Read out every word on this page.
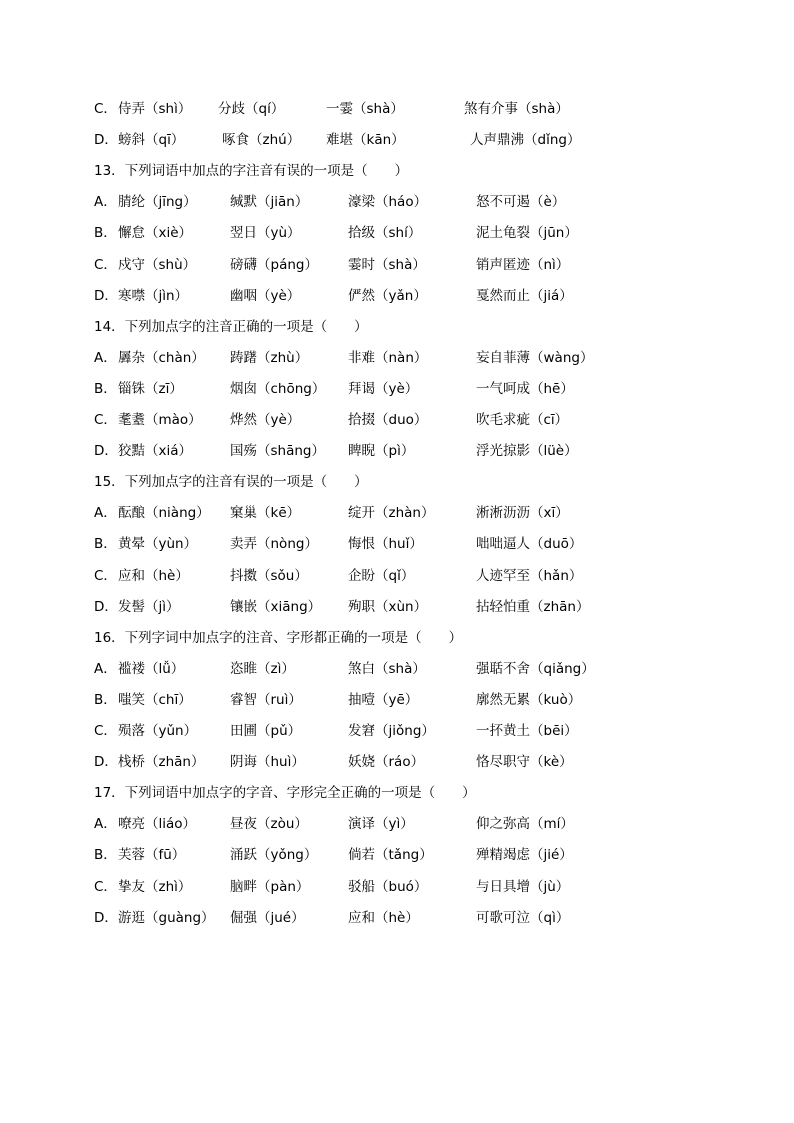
C． 侍弄（shì） 分歧（qí）	一霎（shà）	煞有介事（shà）
D． 螃斜（qī）	啄食（zhú） 难堪（kān）	人声鼎沸（dǐng）
13．下列词语中加点的字注音有误的一项是（　　）
A． 腈纶（jīng） 缄默（jiān）	濠梁（háo）	怒不可遏（è）
B． 懈怠（xiè）	翌日（yù）	拾级（shí）	泥土龟裂（jūn）
C． 戍守（shù）	磅礴（páng） 霎时（shà）	销声匿迹（nì）
D． 寒噤（jìn）	幽咽（yè）	俨然（yǎn）	戛然而止（jiá）
14．下列加点字的注音正确的一项是（　　）
A． 羼杂（chàn） 踌躇（zhù）	非难（nàn）	妄自菲薄（wàng）
B． 锱铢（zī）	烟囱（chōng） 拜谒（yè）	一气呵成（hē）
C． 耄耋（mào） 烨然（yè）	拾掇（duo）	吹毛求疵（cī）
D． 狡黠（xiá）	国殇（shāng） 睥睨（pì）	浮光掠影（lüè）
15．下列加点字的注音有误的一项是（　　）
A． 酝酿（niàng） 窠巢（kē）	绽开（zhàn）	淅淅沥沥（xī）
B． 黄晕（yùn） 卖弄（nòng） 悔恨（huǐ）	咄咄逼人（duō）
C． 应和（hè）	抖擞（sǒu）	企盼（qǐ）	人迹罕至（hǎn）
D． 发髻（jì）	镶嵌（xiāng） 殉职（xùn）	拈轻怕重（zhān）
16．下列字词中加点字的注音、字形都正确的一项是（　　）
A． 褴褛（lǚ）	恣睢（zì）	煞白（shà）	强聒不舍（qiǎng）
B． 嗤笑（chī）	睿智（ruì）	抽噎（yē）	廓然无累（kuò）
C． 殒落（yǔn） 田圃（pǔ）	发窘（jiǒng）	一抔黄土（bēi）
D． 栈桥（zhān） 阴诲（huì）	妖娆（ráo）	恪尽职守（kè）
17．下列词语中加点字的字音、字形完全正确的一项是（　　）
A． 嘹亮（liáo）	昼夜（zòu）	演译（yì）	仰之弥高（mí）
B． 芙蓉（fū）	涌跃（yǒng） 倘若（tǎng）	殚精竭虑（jié）
C． 挚友（zhì）	脑畔（pàn）	驳船（buó）	与日具增（jù）
D． 游逛（guàng） 倔强（jué）	应和（hè）	可歌可泣（qì）
